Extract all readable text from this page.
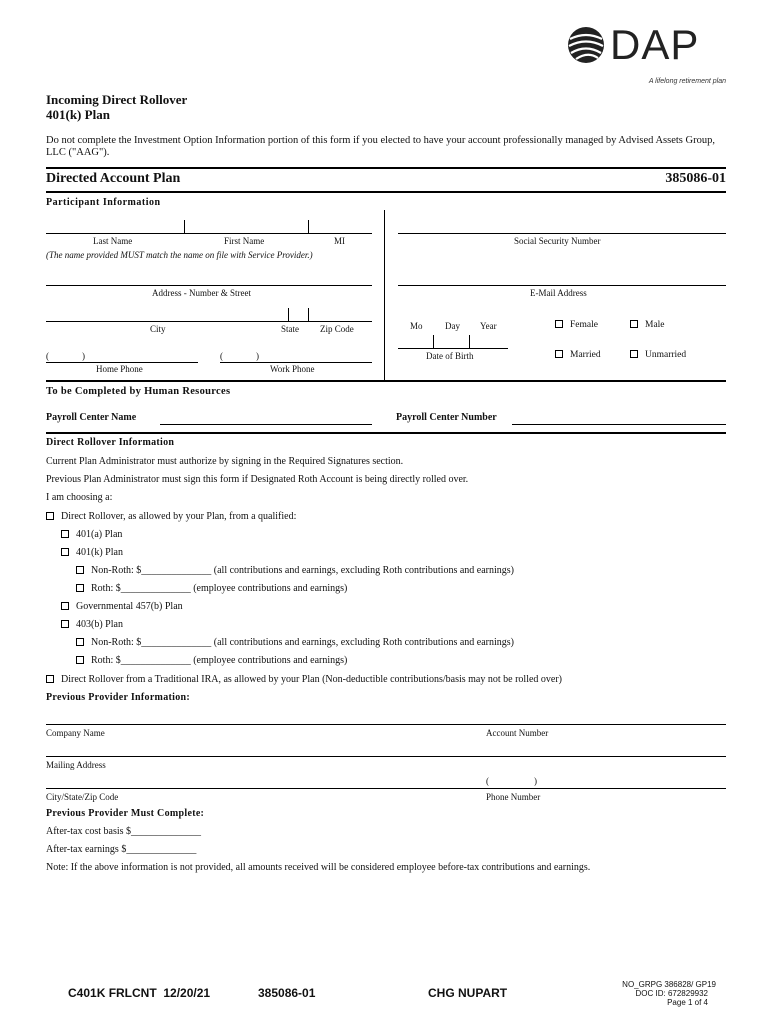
DAP
A lifelong retirement plan
Incoming Direct Rollover
401(k) Plan
Do not complete the Investment Option Information portion of this form if you elected to have your account professionally managed by Advised Assets Group, LLC ("AAG").
Directed Account Plan	385086-01
Participant Information
Last Name	First Name	MI
(The name provided MUST match the name on file with Service Provider.)
Social Security Number
Address - Number & Street	E-Mail Address
City	State Zip Code	Mo Day Year
Date of Birth
Female	Male
Married	Unmarried
(	)
Home Phone
(	)
Work Phone
To be Completed by Human Resources
Payroll Center Name	Payroll Center Number
Direct Rollover Information
Current Plan Administrator must authorize by signing in the Required Signatures section.
Previous Plan Administrator must sign this form if Designated Roth Account is being directly rolled over.
I am choosing a:
Direct Rollover, as allowed by your Plan, from a qualified:
401(a) Plan
401(k) Plan
Non-Roth: $______________ (all contributions and earnings, excluding Roth contributions and earnings)
Roth: $______________ (employee contributions and earnings)
Governmental 457(b) Plan
403(b) Plan
Non-Roth: $______________ (all contributions and earnings, excluding Roth contributions and earnings)
Roth: $______________ (employee contributions and earnings)
Direct Rollover from a Traditional IRA, as allowed by your Plan (Non-deductible contributions/basis may not be rolled over)
Previous Provider Information:
Company Name	Account Number
Mailing Address
(                    )
City/State/Zip Code	Phone Number
Previous Provider Must Complete:
After-tax cost basis $______________
After-tax earnings $______________
Note: If the above information is not provided, all amounts received will be considered employee before-tax contributions and earnings.
C401K FRLCNT  12/20/21	385086-01	CHG NUPART
NO_GRPG 386828/ GP19
DOC ID: 672829932
Page 1 of 4
